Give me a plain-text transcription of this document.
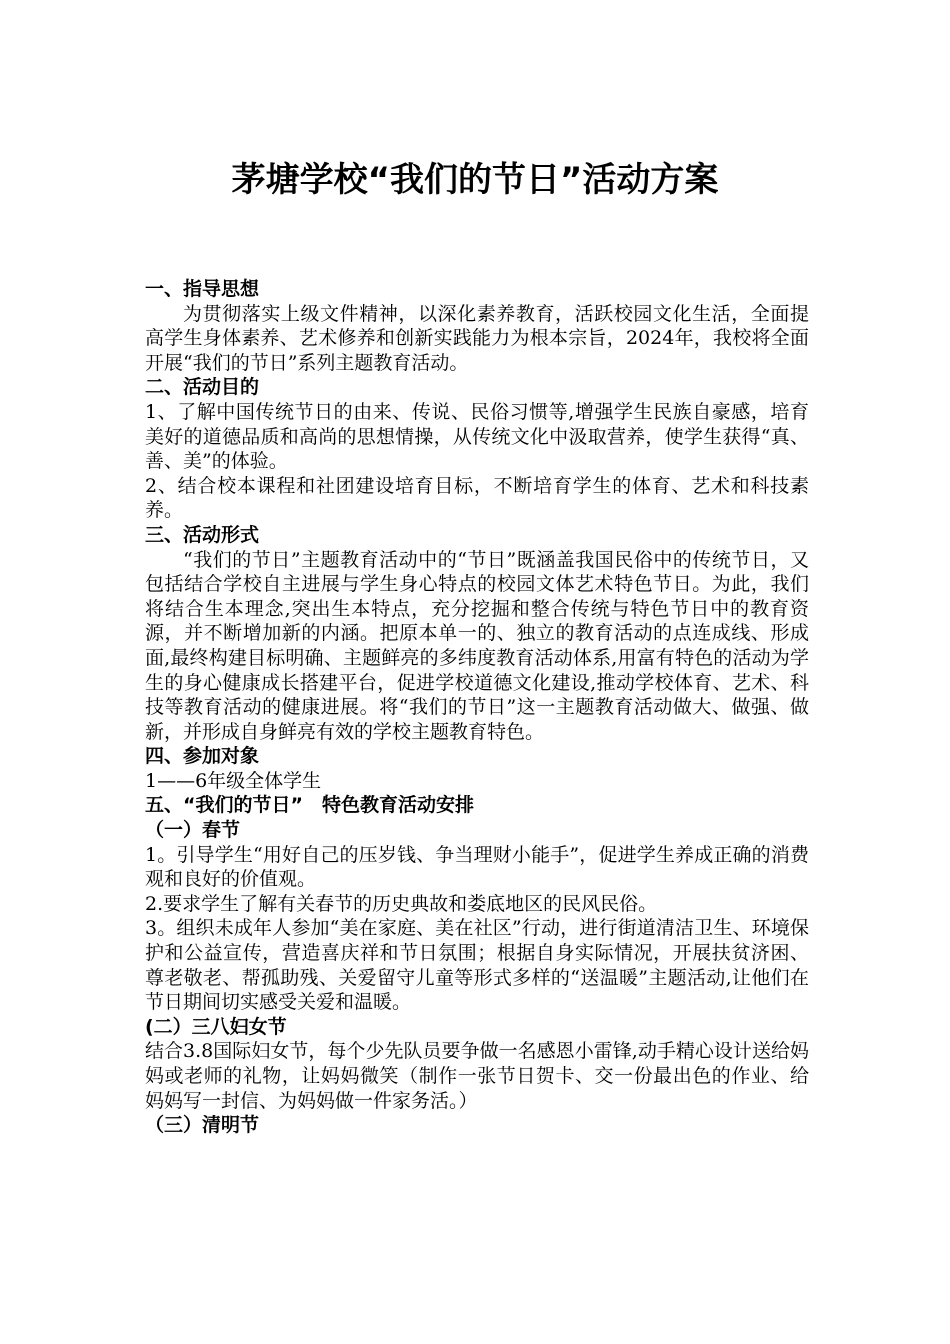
茅塘学校“我们的节日”活动方案

一、指导思想

为贯彻落实上级文件精神，以深化素养教育，活跃校园文化生活，全面提高学生身体素养、艺术修养和创新实践能力为根本宗旨，2024年，我校将全面开展“我们的节日”系列主题教育活动。

二、活动目的

1、了解中国传统节日的由来、传说、民俗习惯等,增强学生民族自豪感，培育美好的道德品质和高尚的思想情操，从传统文化中汲取营养，使学生获得“真、善、美”的体验。

2、结合校本课程和社团建设培育目标，不断培育学生的体育、艺术和科技素养。

三、活动形式

“我们的节日”主题教育活动中的“节日”既涵盖我国民俗中的传统节日，又包括结合学校自主进展与学生身心特点的校园文体艺术特色节日。为此，我们将结合生本理念,突出生本特点，充分挖掘和整合传统与特色节日中的教育资源，并不断增加新的内涵。把原本单一的、独立的教育活动的点连成线、形成面,最终构建目标明确、主题鲜亮的多纬度教育活动体系,用富有特色的活动为学生的身心健康成长搭建平台，促进学校道德文化建设,推动学校体育、艺术、科技等教育活动的健康进展。将“我们的节日”这一主题教育活动做大、做强、做新，并形成自身鲜亮有效的学校主题教育特色。

四、参加对象

1——6年级全体学生

五、“我们的节日”　特色教育活动安排

（一）春节

1。引导学生“用好自己的压岁钱、争当理财小能手”，促进学生养成正确的消费观和良好的价值观。

2.要求学生了解有关春节的历史典故和娄底地区的民风民俗。

3。组织未成年人参加“美在家庭、美在社区”行动，进行街道清洁卫生、环境保护和公益宣传，营造喜庆祥和节日氛围；根据自身实际情况，开展扶贫济困、尊老敬老、帮孤助残、关爱留守儿童等形式多样的“送温暖”主题活动,让他们在节日期间切实感受关爱和温暖。

(二）三八妇女节

结合3.8国际妇女节，每个少先队员要争做一名感恩小雷锋,动手精心设计送给妈妈或老师的礼物，让妈妈微笑（制作一张节日贺卡、交一份最出色的作业、给妈妈写一封信、为妈妈做一件家务活。）

（三）清明节
